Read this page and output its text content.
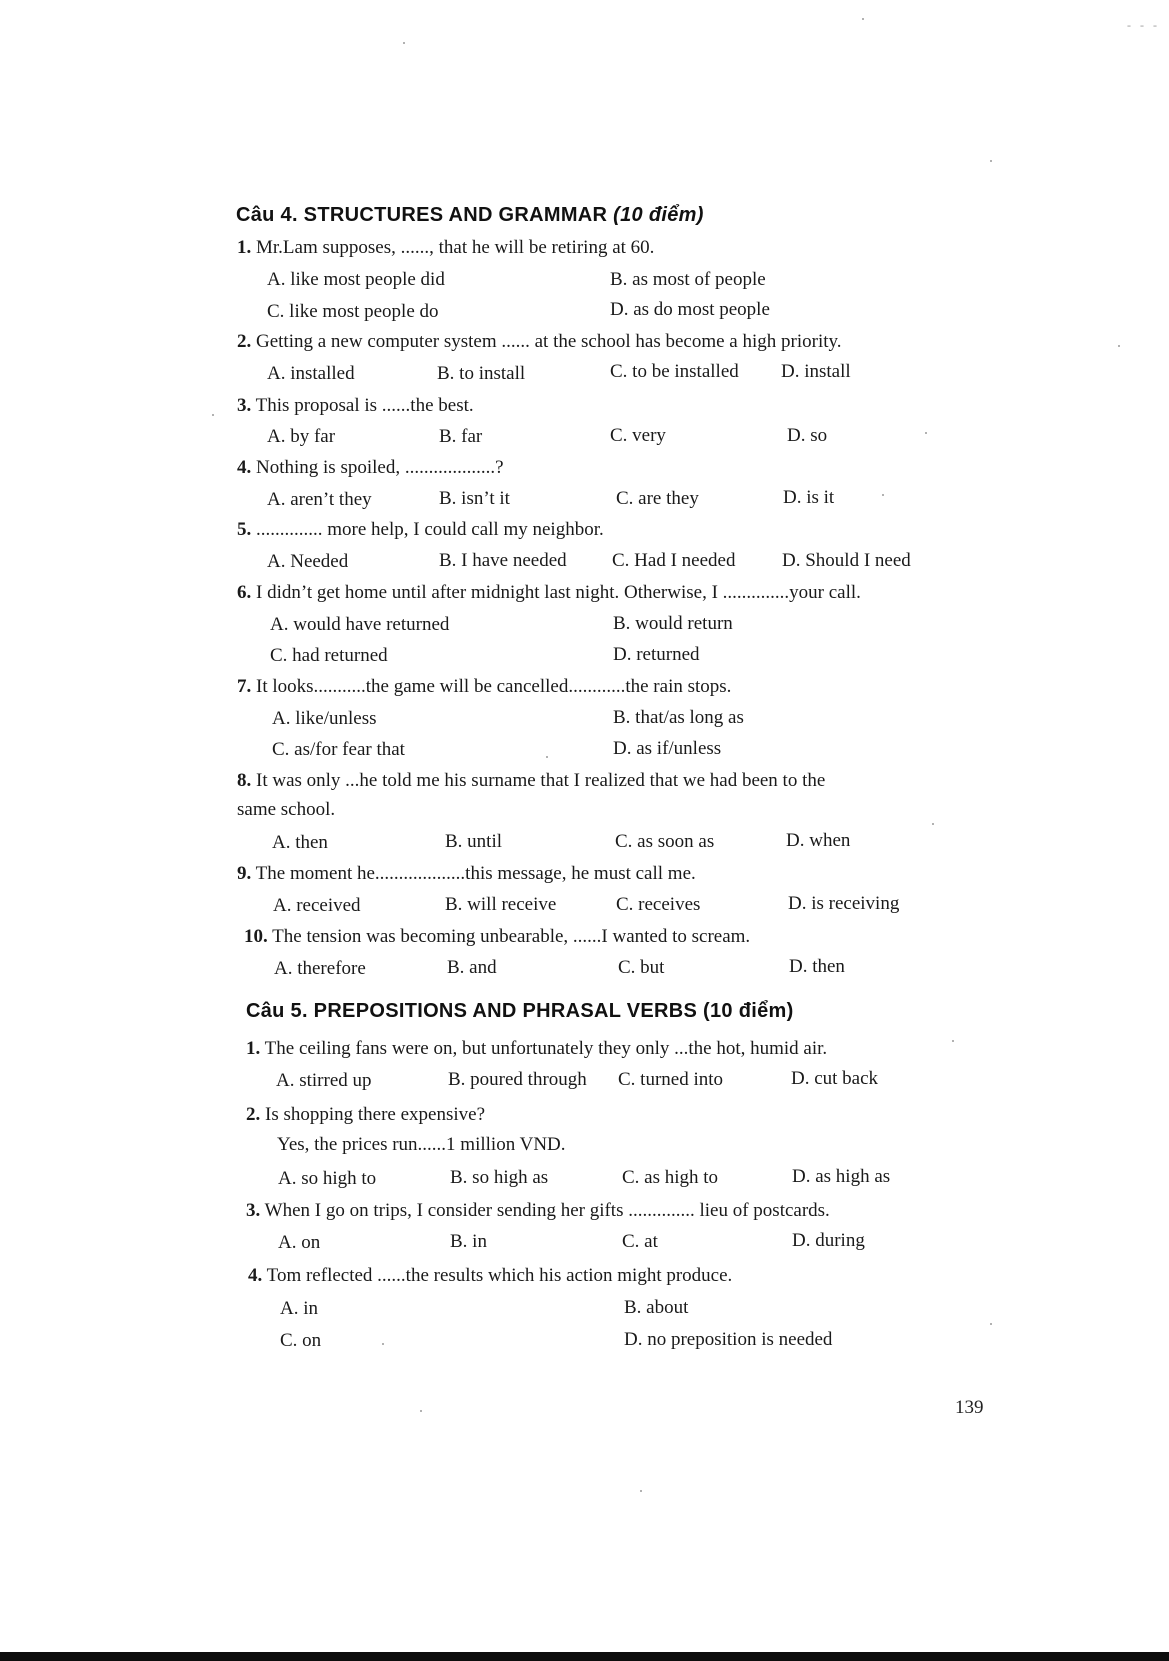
- - -
Câu 4. STRUCTURES AND GRAMMAR (10 điểm)
1. Mr.Lam supposes, ......, that he will be retiring at 60.
A. like most people did	B. as most of people
C. like most people do	D. as do most people
2. Getting a new computer system ...... at the school has become a high priority.
A. installed	B. to install	C. to be installed D. install
3. This proposal is ......the best.
A. by far	B. far	C. very	D. so
4. Nothing is spoiled, ...................?
A. aren’t they	B. isn’t it	C. are they	D. is it
5. .............. more help, I could call my neighbor.
A. Needed	B. I have needed C. Had I needed D. Should I need
6. I didn’t get home until after midnight last night. Otherwise, I ..............your call.
A. would have returned	B. would return
C. had returned	D. returned
7. It looks...........the game will be cancelled............the rain stops.
A. like/unless	B. that/as long as
C. as/for fear that	D. as if/unless
8. It was only ...he told me his surname that I realized that we had been to the
same school.
A. then	B. until	C. as soon as	D. when
9. The moment he...................this message, he must call me.
A. received	B. will receive	C. receives	D. is receiving
10. The tension was becoming unbearable, ......I wanted to scream.
A. therefore	B. and	C. but	D. then
Câu 5. PREPOSITIONS AND PHRASAL VERBS (10 điểm)
1. The ceiling fans were on, but unfortunately they only ...the hot, humid air.
A. stirred up	B. poured through C. turned into	D. cut back
2. Is shopping there expensive?
Yes, the prices run......1 million VND.
A. so high to	B. so high as	C. as high to	D. as high as
3. When I go on trips, I consider sending her gifts .............. lieu of postcards.
A. on	B. in	C. at	D. during
4. Tom reflected ......the results which his action might produce.
A. in	B. about
C. on	D. no preposition is needed
139
